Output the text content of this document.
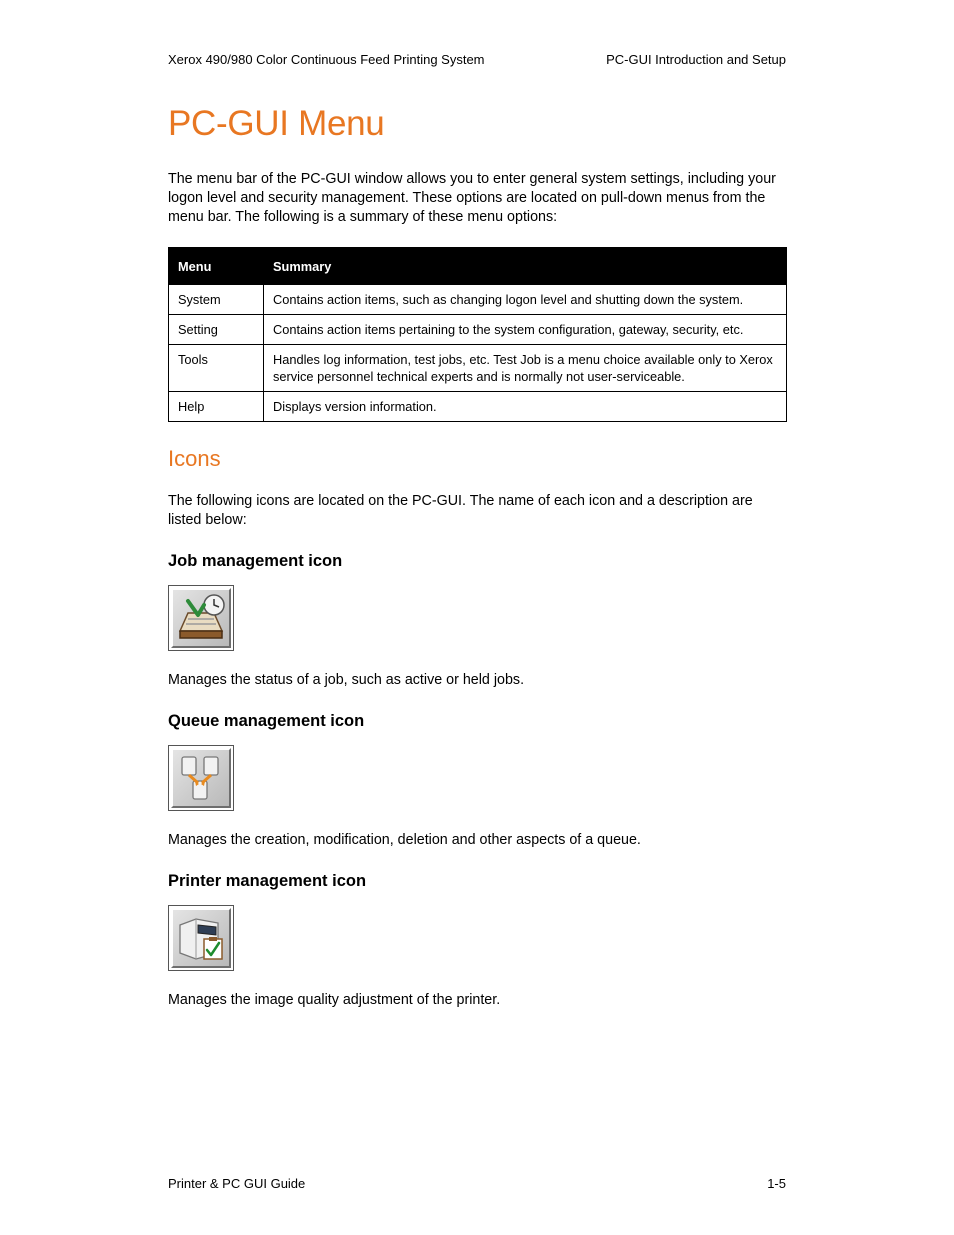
Xerox 490/980 Color Continuous Feed Printing System	PC-GUI Introduction and Setup
PC-GUI Menu

The menu bar of the PC-GUI window allows you to enter general system settings, including your logon level and security management. These options are located on pull-down menus from the menu bar. The following is a summary of these menu options:

Menu	Summary
System	Contains action items, such as changing logon level and shutting down the system.
Setting	Contains action items pertaining to the system configuration, gateway, security, etc.
Tools	Handles log information, test jobs, etc. Test Job is a menu choice available only to Xerox service personnel technical experts and is normally not user-serviceable.
Help	Displays version information.
Icons

The following icons are located on the PC-GUI. The name of each icon and a description are listed below:

Job management icon

Manages the status of a job, such as active or held jobs.

Queue management icon

Manages the creation, modification, deletion and other aspects of a queue.

Printer management icon

Manages the image quality adjustment of the printer.

Printer & PC GUI Guide	1-5
